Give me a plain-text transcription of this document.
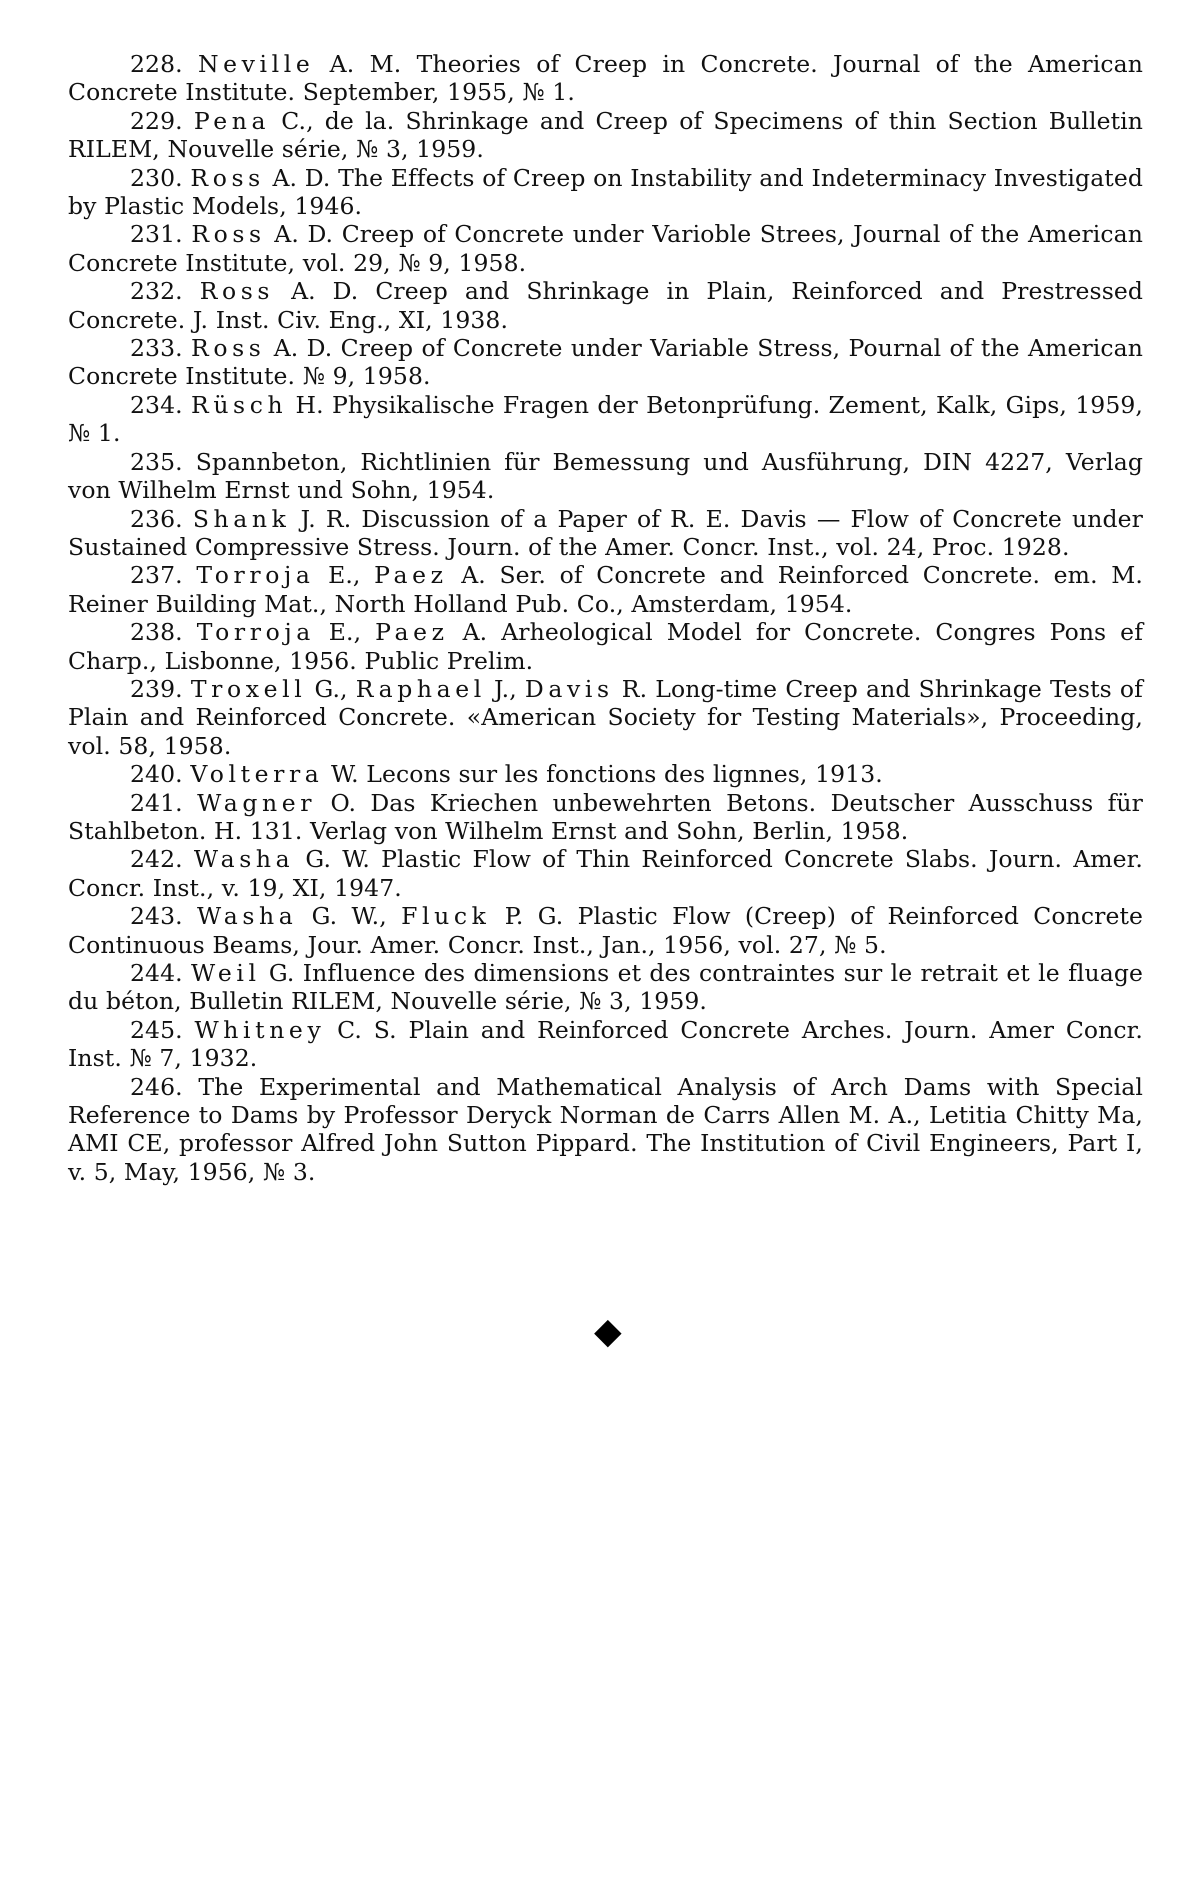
228. Neville A. M. Theories of Creep in Concrete. Journal of the American Concrete Institute. September, 1955, № 1.

229. Pena C., de la. Shrinkage and Creep of Specimens of thin Section Bulletin RILEM, Nouvelle série, № 3, 1959.

230. Ross A. D. The Effects of Creep on Instability and Indeterminacy Investigated by Plastic Models, 1946.

231. Ross A. D. Creep of Concrete under Varioble Strees, Journal of the American Concrete Institute, vol. 29, № 9, 1958.

232. Ross A. D. Creep and Shrinkage in Plain, Reinforced and Prestressed Concrete. J. Inst. Civ. Eng., XI, 1938.

233. Ross A. D. Creep of Concrete under Variable Stress, Pournal of the American Concrete Institute. № 9, 1958.

234. Rüsch H. Physikalische Fragen der Betonprüfung. Zement, Kalk, Gips, 1959, № 1.

235. Spannbeton, Richtlinien für Bemessung und Ausführung, DIN 4227, Verlag von Wilhelm Ernst und Sohn, 1954.

236. Shank J. R. Discussion of a Paper of R. E. Davis — Flow of Concrete under Sustained Compressive Stress. Journ. of the Amer. Concr. Inst., vol. 24, Proc. 1928.

237. Torroja E., Paez A. Ser. of Concrete and Reinforced Concrete. em. M. Reiner Building Mat., North Holland Pub. Co., Amsterdam, 1954.

238. Torroja E., Paez A. Arheological Model for Concrete. Congres Pons ef Charp., Lisbonne, 1956. Public Prelim.

239. Troxell G., Raphael J., Davis R. Long-time Creep and Shrinkage Tests of Plain and Reinforced Concrete. «American Society for Testing Materials», Proceeding, vol. 58, 1958.

240. Volterra W. Lecons sur les fonctions des lignnes, 1913.

241. Wagner O. Das Kriechen unbewehrten Betons. Deutscher Ausschuss für Stahlbeton. H. 131. Verlag von Wilhelm Ernst and Sohn, Berlin, 1958.

242. Washa G. W. Plastic Flow of Thin Reinforced Concrete Slabs. Journ. Amer. Concr. Inst., v. 19, XI, 1947.

243. Washa G. W., Fluck P. G. Plastic Flow (Creep) of Reinforced Concrete Continuous Beams, Jour. Amer. Concr. Inst., Jan., 1956, vol. 27, № 5.

244. Weil G. Influence des dimensions et des contraintes sur le retrait et le fluage du béton, Bulletin RILEM, Nouvelle série, № 3, 1959.

245. Whitney C. S. Plain and Reinforced Concrete Arches. Journ. Amer Concr. Inst. № 7, 1932.

246. The Experimental and Mathematical Analysis of Arch Dams with Special Reference to Dams by Professor Deryck Norman de Carrs Allen M. A., Letitia Chitty Ma, AMI CE, professor Alfred John Sutton Pippard. The Institution of Civil Engineers, Part I, v. 5, May, 1956, № 3.

◆
